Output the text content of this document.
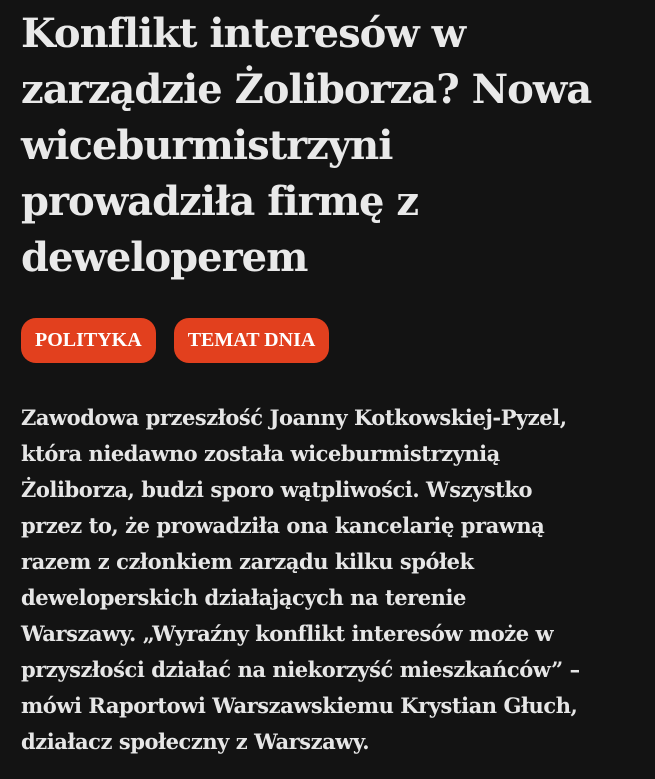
Konflikt interesów w
zarządzie Żoliborza? Nowa
wiceburmistrzyni
prowadziła firmę z
deweloperem
POLITYKA	TEMAT DNIA

Zawodowa przeszłość Joanny Kotkowskiej-Pyzel,
która niedawno została wiceburmistrzynią
Żoliborza, budzi sporo wątpliwości. Wszystko
przez to, że prowadziła ona kancelarię prawną
razem z członkiem zarządu kilku spółek
deweloperskich działających na terenie
Warszawy. „Wyraźny konflikt interesów może w
przyszłości działać na niekorzyść mieszkańców” –
mówi Raportowi Warszawskiemu Krystian Głuch,
działacz społeczny z Warszawy.
